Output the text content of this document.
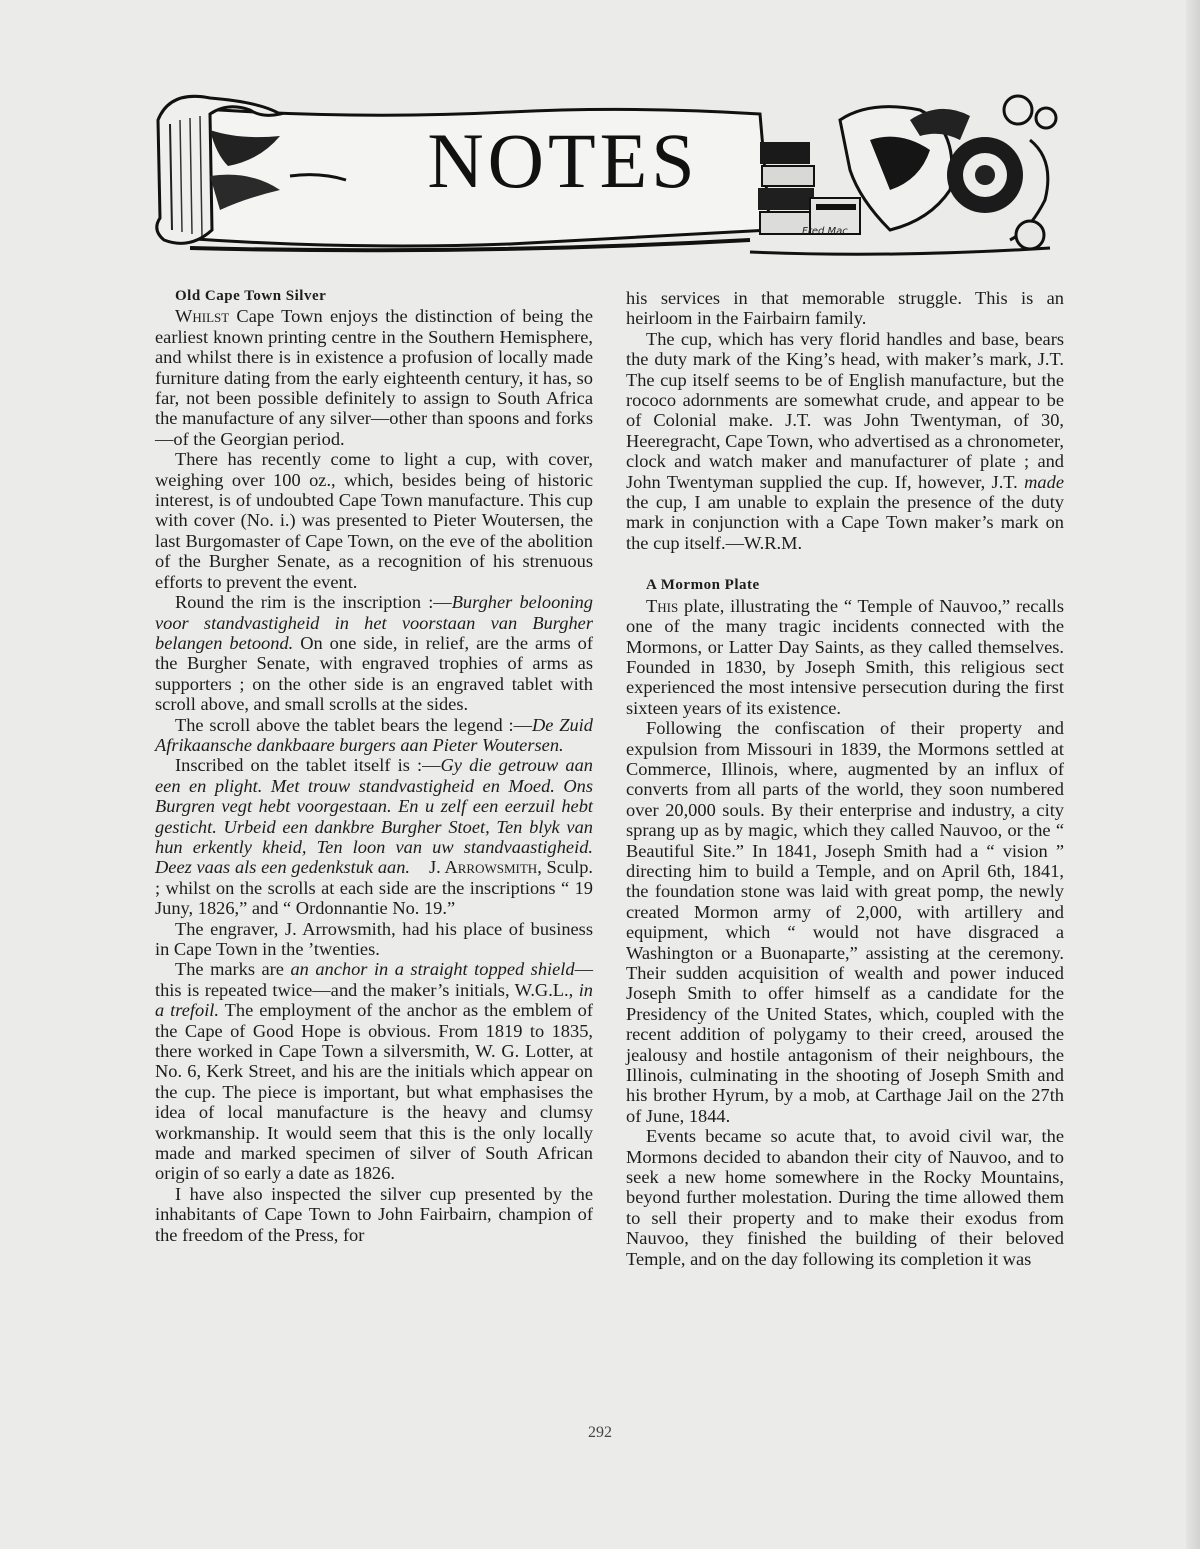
NOTES
Fred Mac

Old Cape Town Silver

Whilst Cape Town enjoys the distinction of being the earliest known printing centre in the Southern Hemisphere, and whilst there is in existence a profusion of locally made furniture dating from the early eighteenth century, it has, so far, not been possible definitely to assign to South Africa the manufacture of any silver—other than spoons and forks—of the Georgian period.

There has recently come to light a cup, with cover, weighing over 100 oz., which, besides being of historic interest, is of undoubted Cape Town manufacture. This cup with cover (No. i.) was presented to Pieter Woutersen, the last Burgomaster of Cape Town, on the eve of the abolition of the Burgher Senate, as a recognition of his strenuous efforts to prevent the event.

Round the rim is the inscription :—Burgher belooning voor standvastigheid in het voorstaan van Burgher belangen betoond. On one side, in relief, are the arms of the Burgher Senate, with engraved trophies of arms as supporters ; on the other side is an engraved tablet with scroll above, and small scrolls at the sides.

The scroll above the tablet bears the legend :—De Zuid Afrikaansche dankbaare burgers aan Pieter Woutersen.

Inscribed on the tablet itself is :—Gy die getrouw aan een en plight. Met trouw standvastigheid en Moed. Ons Burgren vegt hebt voorgestaan. En u zelf een eerzuil hebt gesticht. Urbeid een dankbre Burgher Stoet, Ten blyk van hun erkently kheid, Ten loon van uw standvaastigheid. Deez vaas als een gedenkstuk aan. J. Arrowsmith, Sculp. ; whilst on the scrolls at each side are the inscriptions “ 19 Juny, 1826,” and “ Ordonnantie No. 19.”

The engraver, J. Arrowsmith, had his place of business in Cape Town in the ’twenties.

The marks are an anchor in a straight topped shield—this is repeated twice—and the maker’s initials, W.G.L., in a trefoil. The employment of the anchor as the emblem of the Cape of Good Hope is obvious. From 1819 to 1835, there worked in Cape Town a silversmith, W. G. Lotter, at No. 6, Kerk Street, and his are the initials which appear on the cup. The piece is important, but what emphasises the idea of local manufacture is the heavy and clumsy workmanship. It would seem that this is the only locally made and marked specimen of silver of South African origin of so early a date as 1826.

I have also inspected the silver cup presented by the inhabitants of Cape Town to John Fairbairn, champion of the freedom of the Press, for

his services in that memorable struggle. This is an heirloom in the Fairbairn family.

The cup, which has very florid handles and base, bears the duty mark of the King’s head, with maker’s mark, J.T. The cup itself seems to be of English manufacture, but the rococo adornments are somewhat crude, and appear to be of Colonial make. J.T. was John Twentyman, of 30, Heeregracht, Cape Town, who advertised as a chronometer, clock and watch maker and manufacturer of plate ; and John Twentyman supplied the cup. If, however, J.T. made the cup, I am unable to explain the presence of the duty mark in conjunction with a Cape Town maker’s mark on the cup itself.—W.R.M.

A Mormon Plate

This plate, illustrating the “ Temple of Nauvoo,” recalls one of the many tragic incidents connected with the Mormons, or Latter Day Saints, as they called themselves. Founded in 1830, by Joseph Smith, this religious sect experienced the most intensive persecution during the first sixteen years of its existence.

Following the confiscation of their property and expulsion from Missouri in 1839, the Mormons settled at Commerce, Illinois, where, augmented by an influx of converts from all parts of the world, they soon numbered over 20,000 souls. By their enterprise and industry, a city sprang up as by magic, which they called Nauvoo, or the “ Beautiful Site.” In 1841, Joseph Smith had a “ vision ” directing him to build a Temple, and on April 6th, 1841, the foundation stone was laid with great pomp, the newly created Mormon army of 2,000, with artillery and equipment, which “ would not have disgraced a Washington or a Buonaparte,” assisting at the ceremony. Their sudden acquisition of wealth and power induced Joseph Smith to offer himself as a candidate for the Presidency of the United States, which, coupled with the recent addition of polygamy to their creed, aroused the jealousy and hostile antagonism of their neighbours, the Illinois, culminating in the shooting of Joseph Smith and his brother Hyrum, by a mob, at Carthage Jail on the 27th of June, 1844.

Events became so acute that, to avoid civil war, the Mormons decided to abandon their city of Nauvoo, and to seek a new home somewhere in the Rocky Mountains, beyond further molestation. During the time allowed them to sell their property and to make their exodus from Nauvoo, they finished the building of their beloved Temple, and on the day following its completion it was

292
